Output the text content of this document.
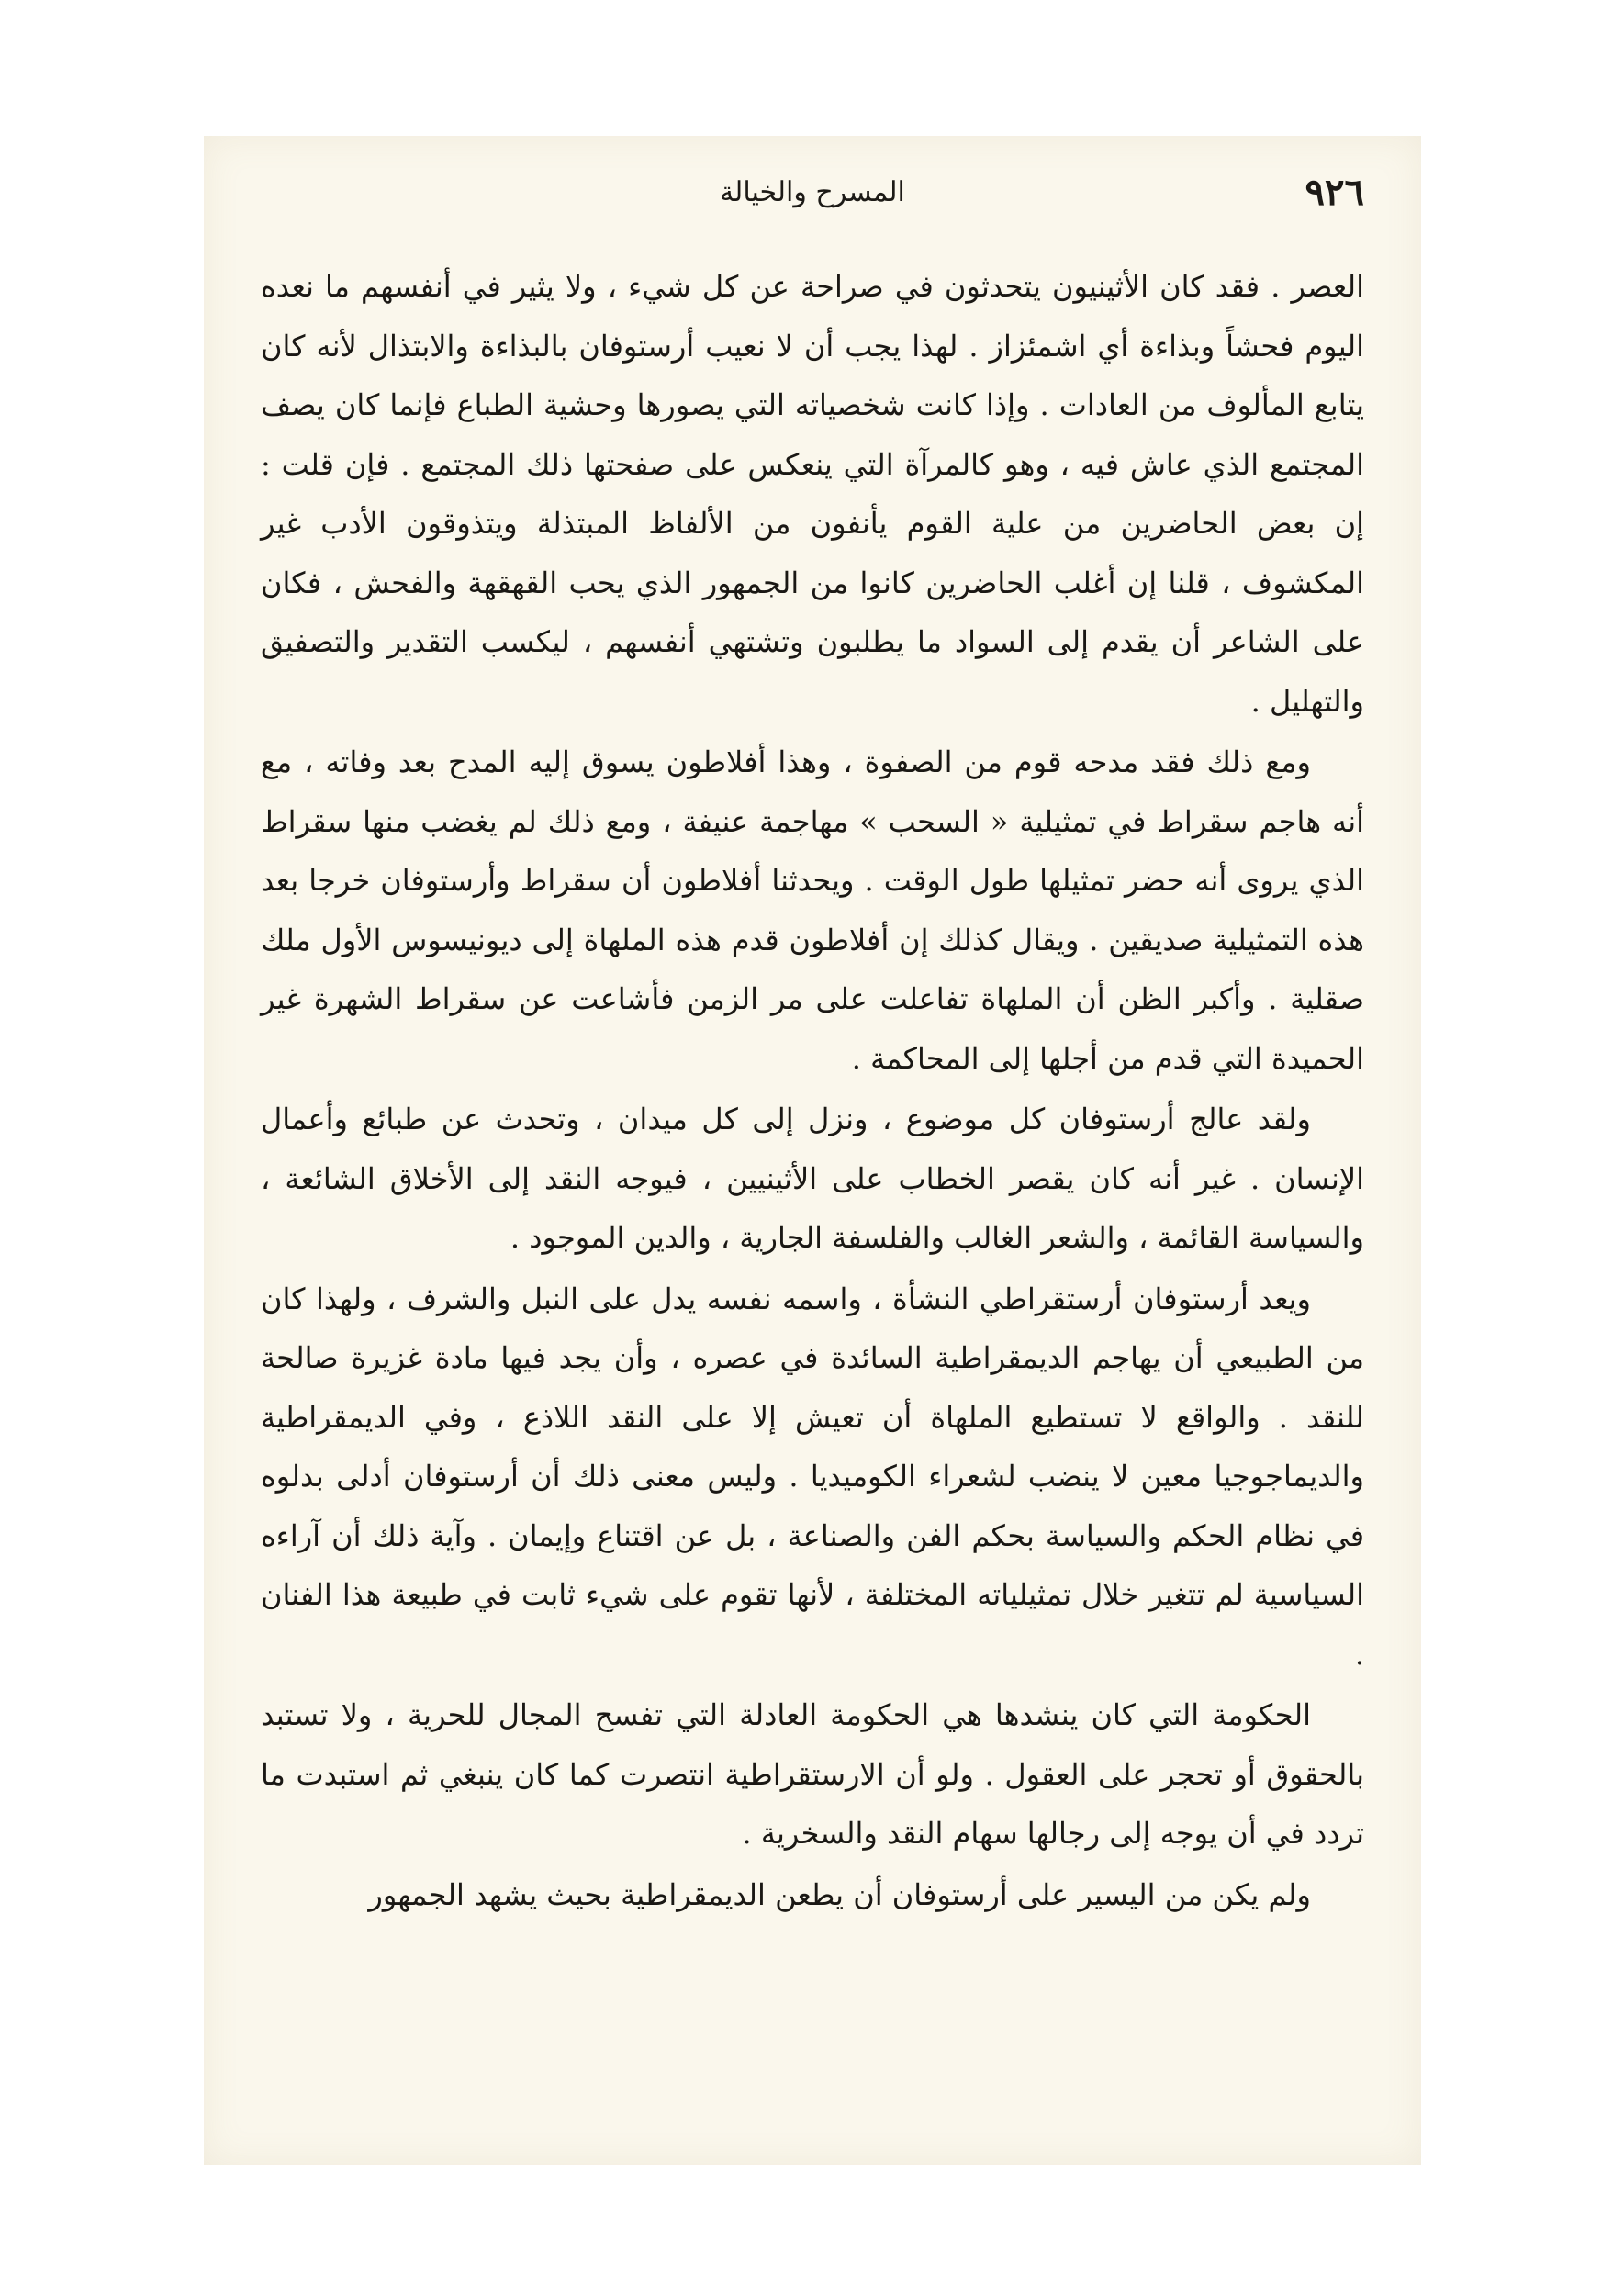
٩٢٦
المسرح والخيالة

العصر . فقد كان الأثينيون يتحدثون في صراحة عن كل شيء ، ولا يثير في أنفسهم ما نعده اليوم فحشاً وبذاءة أي اشمئزاز . لهذا يجب أن لا نعيب أرستوفان بالبذاءة والابتذال لأنه كان يتابع المألوف من العادات . وإذا كانت شخصياته التي يصورها وحشية الطباع فإنما كان يصف المجتمع الذي عاش فيه ، وهو كالمرآة التي ينعكس على صفحتها ذلك المجتمع . فإن قلت : إن بعض الحاضرين من علية القوم يأنفون من الألفاظ المبتذلة ويتذوقون الأدب غير المكشوف ، قلنا إن أغلب الحاضرين كانوا من الجمهور الذي يحب القهقهة والفحش ، فكان على الشاعر أن يقدم إلى السواد ما يطلبون وتشتهي أنفسهم ، ليكسب التقدير والتصفيق والتهليل .

ومع ذلك فقد مدحه قوم من الصفوة ، وهذا أفلاطون يسوق إليه المدح بعد وفاته ، مع أنه هاجم سقراط في تمثيلية « السحب » مهاجمة عنيفة ، ومع ذلك لم يغضب منها سقراط الذي يروى أنه حضر تمثيلها طول الوقت . ويحدثنا أفلاطون أن سقراط وأرستوفان خرجا بعد هذه التمثيلية صديقين . ويقال كذلك إن أفلاطون قدم هذه الملهاة إلى ديونيسوس الأول ملك صقلية . وأكبر الظن أن الملهاة تفاعلت على مر الزمن فأشاعت عن سقراط الشهرة غير الحميدة التي قدم من أجلها إلى المحاكمة .

ولقد عالج أرستوفان كل موضوع ، ونزل إلى كل ميدان ، وتحدث عن طبائع وأعمال الإنسان . غير أنه كان يقصر الخطاب على الأثينيين ، فيوجه النقد إلى الأخلاق الشائعة ، والسياسة القائمة ، والشعر الغالب والفلسفة الجارية ، والدين الموجود .

ويعد أرستوفان أرستقراطي النشأة ، واسمه نفسه يدل على النبل والشرف ، ولهذا كان من الطبيعي أن يهاجم الديمقراطية السائدة في عصره ، وأن يجد فيها مادة غزيرة صالحة للنقد . والواقع لا تستطيع الملهاة أن تعيش إلا على النقد اللاذع ، وفي الديمقراطية والديماجوجيا معين لا ينضب لشعراء الكوميديا . وليس معنى ذلك أن أرستوفان أدلى بدلوه في نظام الحكم والسياسة بحكم الفن والصناعة ، بل عن اقتناع وإيمان . وآية ذلك أن آراءه السياسية لم تتغير خلال تمثيلياته المختلفة ، لأنها تقوم على شيء ثابت في طبيعة هذا الفنان .

الحكومة التي كان ينشدها هي الحكومة العادلة التي تفسح المجال للحرية ، ولا تستبد بالحقوق أو تحجر على العقول . ولو أن الارستقراطية انتصرت كما كان ينبغي ثم استبدت ما تردد في أن يوجه إلى رجالها سهام النقد والسخرية .

ولم يكن من اليسير على أرستوفان أن يطعن الديمقراطية بحيث يشهد الجمهور
